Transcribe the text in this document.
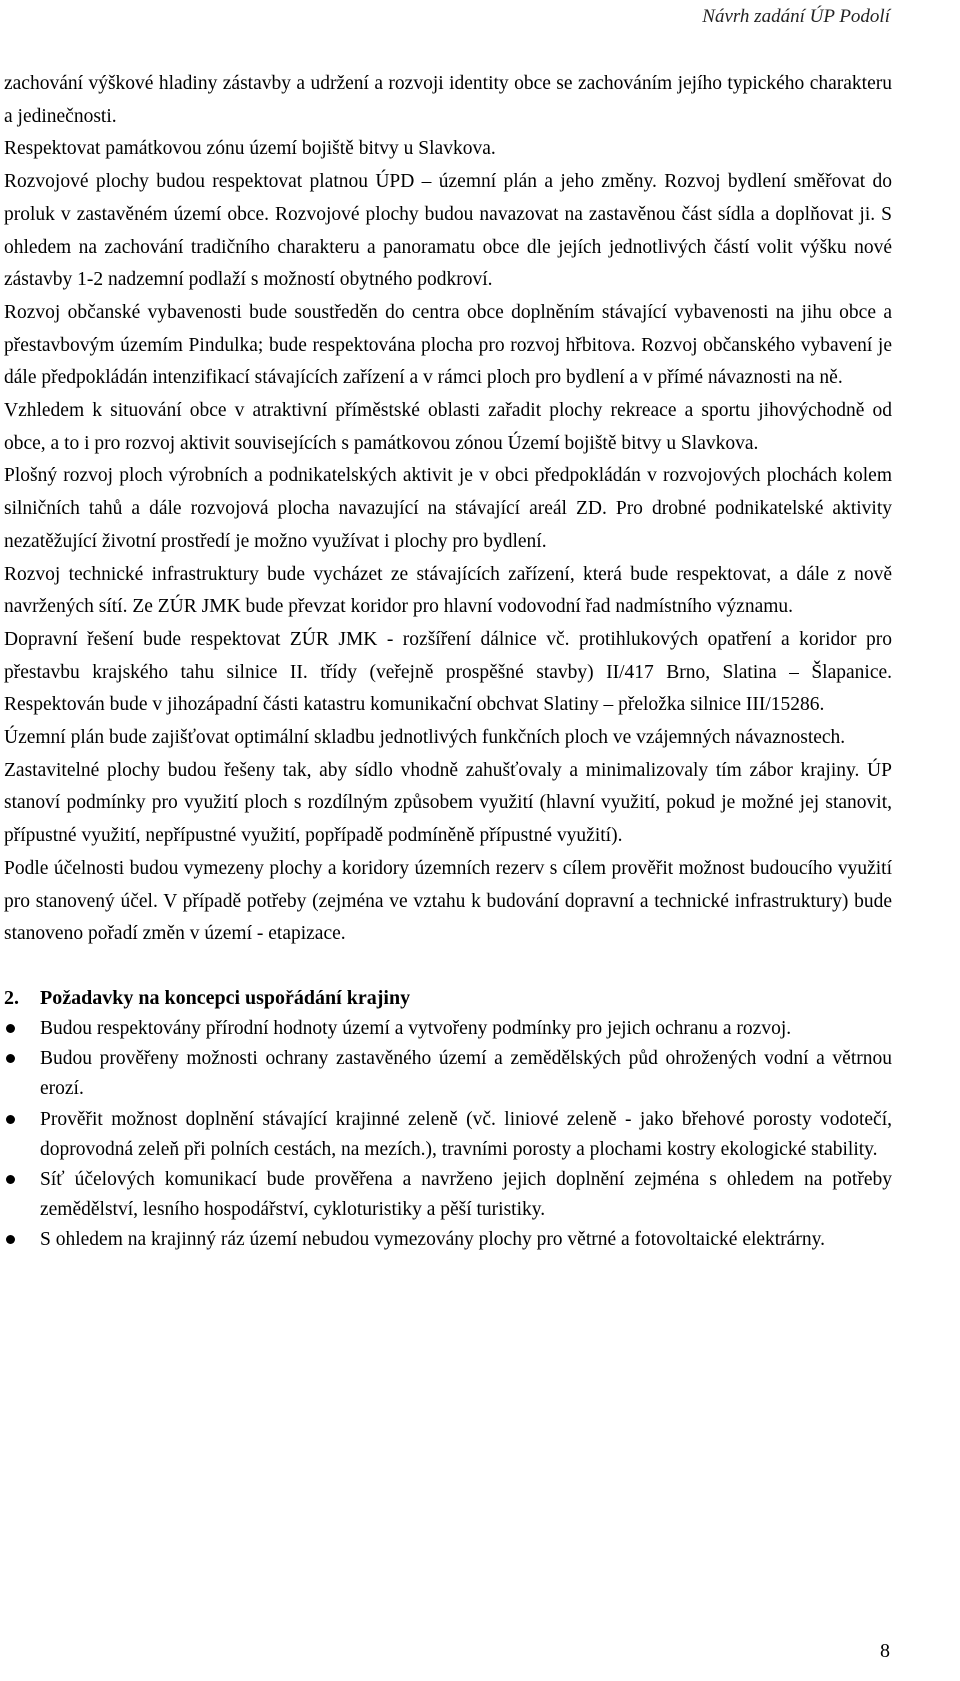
Návrh zadání ÚP Podolí

zachování výškové hladiny zástavby a udržení a rozvoji identity obce se zachováním jejího typického charakteru a jedinečnosti.

Respektovat památkovou zónu území bojiště bitvy u Slavkova.

Rozvojové plochy budou respektovat platnou ÚPD – územní plán a jeho změny. Rozvoj bydlení směřovat do proluk v zastavěném území obce. Rozvojové plochy budou navazovat na zastavěnou část sídla a doplňovat ji. S ohledem na zachování tradičního charakteru a panoramatu obce dle jejích jednotlivých částí volit výšku nové zástavby 1-2 nadzemní podlaží s možností obytného podkroví.

Rozvoj občanské vybavenosti bude soustředěn do centra obce doplněním stávající vybavenosti na jihu obce a přestavbovým územím Pindulka; bude respektována plocha pro rozvoj hřbitova. Rozvoj občanského vybavení je dále předpokládán intenzifikací stávajících zařízení a v rámci ploch pro bydlení a v přímé návaznosti na ně.

Vzhledem k situování obce v atraktivní příměstské oblasti zařadit plochy rekreace a sportu jihovýchodně od obce, a to i pro rozvoj aktivit souvisejících s památkovou zónou Území bojiště bitvy u Slavkova.

Plošný rozvoj ploch výrobních a podnikatelských aktivit je v obci předpokládán v rozvojových plochách kolem silničních tahů a dále rozvojová plocha navazující na stávající areál ZD. Pro drobné podnikatelské aktivity nezatěžující životní prostředí je možno využívat i plochy pro bydlení.

Rozvoj technické infrastruktury bude vycházet ze stávajících zařízení, která bude respektovat, a dále z nově navržených sítí. Ze ZÚR JMK bude převzat koridor pro hlavní vodovodní řad nadmístního významu.

Dopravní řešení bude respektovat ZÚR JMK - rozšíření dálnice vč. protihlukových opatření a koridor pro přestavbu krajského tahu silnice II. třídy (veřejně prospěšné stavby) II/417 Brno, Slatina – Šlapanice. Respektován bude v jihozápadní části katastru komunikační obchvat Slatiny – přeložka silnice III/15286.

Územní plán bude zajišťovat optimální skladbu jednotlivých funkčních ploch ve vzájemných návaznostech.

Zastavitelné plochy budou řešeny tak, aby sídlo vhodně zahušťovaly a minimalizovaly tím zábor krajiny. ÚP stanoví podmínky pro využití ploch s rozdílným způsobem využití (hlavní využití, pokud je možné jej stanovit, přípustné využití, nepřípustné využití, popřípadě podmíněně přípustné využití).

Podle účelnosti budou vymezeny plochy a koridory územních rezerv s cílem prověřit možnost budoucího využití pro stanovený účel. V případě potřeby (zejména ve vztahu k budování dopravní a technické infrastruktury) bude stanoveno pořadí změn v území - etapizace.

2.	Požadavky na koncepci uspořádání krajiny
Budou respektovány přírodní hodnoty území a vytvořeny podmínky pro jejich ochranu a rozvoj.
Budou prověřeny možnosti ochrany zastavěného území a zemědělských půd ohrožených vodní a větrnou erozí.
Prověřit možnost doplnění stávající krajinné zeleně (vč. liniové zeleně - jako břehové porosty vodotečí, doprovodná zeleň při polních cestách, na mezích.), travními porosty a plochami kostry ekologické stability.
Síť účelových komunikací bude prověřena a navrženo jejich doplnění zejména s ohledem na potřeby zemědělství, lesního hospodářství, cykloturistiky a pěší turistiky.
S ohledem na krajinný ráz území nebudou vymezovány plochy pro větrné a fotovoltaické elektrárny.
8
